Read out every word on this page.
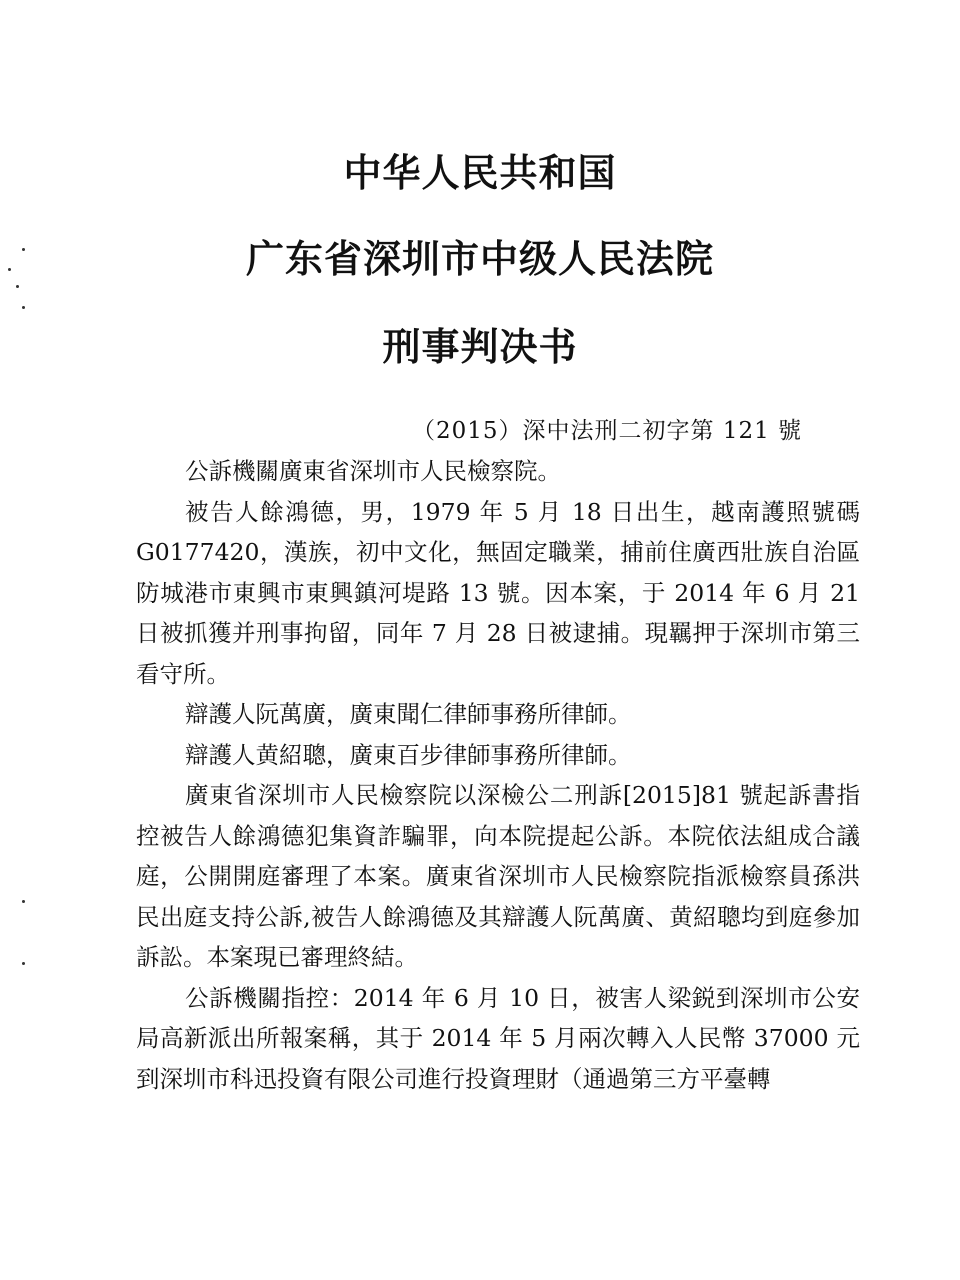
中华人民共和国
广东省深圳市中级人民法院
刑事判决书
（2015）深中法刑二初字第 121 號

公訴機關廣東省深圳市人民檢察院。

被告人餘鴻德，男，1979 年 5 月 18 日出生，越南護照號碼 G0177420，漢族，初中文化，無固定職業，捕前住廣西壯族自治區防城港市東興市東興鎮河堤路 13 號。因本案，于 2014 年 6 月 21 日被抓獲并刑事拘留，同年 7 月 28 日被逮捕。現羈押于深圳市第三看守所。

辯護人阮萬廣，廣東聞仁律師事務所律師。

辯護人黄紹聰，廣東百步律師事務所律師。

廣東省深圳市人民檢察院以深檢公二刑訴[2015]81 號起訴書指控被告人餘鴻德犯集資詐騙罪，向本院提起公訴。本院依法組成合議庭，公開開庭審理了本案。廣東省深圳市人民檢察院指派檢察員孫洪民出庭支持公訴,被告人餘鴻德及其辯護人阮萬廣、黄紹聰均到庭參加訴訟。本案現已審理終結。

公訴機關指控：2014 年 6 月 10 日，被害人梁鋭到深圳市公安局高新派出所報案稱，其于 2014 年 5 月兩次轉入人民幣 37000 元到深圳市科迅投資有限公司進行投資理財（通過第三方平臺轉
